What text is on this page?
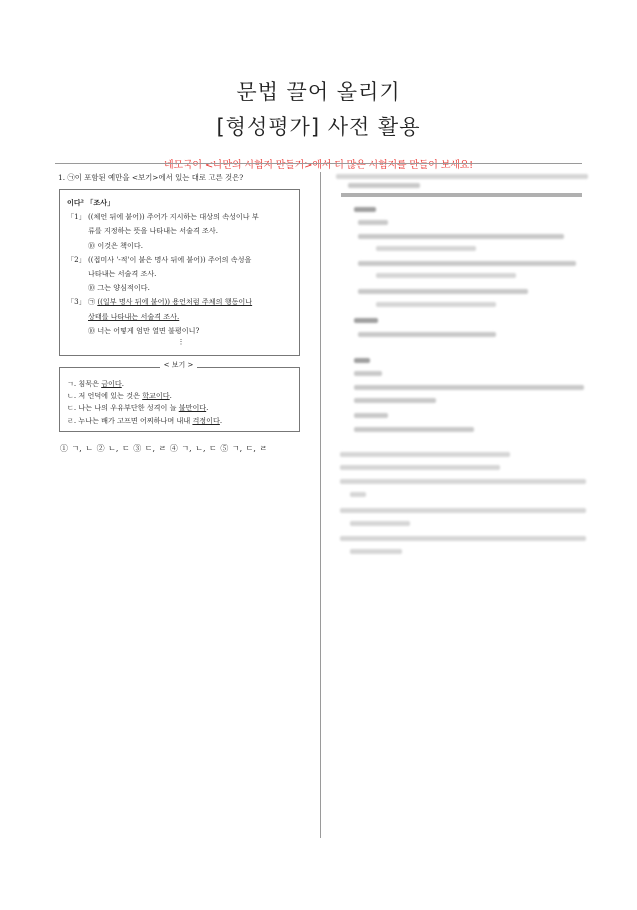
문법 끌어 올리기
[형성평가] 사전 활용
네모국어 <나만의 시험지 만들기>에서 더 많은 시험지를 만들어 보세요!
1. ㉠이 포함된 예만을 <보기>에서 있는 대로 고른 것은?
이다² 「조사」
「1」 ((체언 뒤에 붙어)) 주어가 지시하는 대상의 속성이나 부
류를 지정하는 뜻을 나타내는 서술격 조사.
⑩ 이것은 책이다.
「2」 ((접미사 '-적'이 붙은 명사 뒤에 붙어)) 주어의 속성을
나타내는 서술격 조사.
⑩ 그는 양심적이다.
「3」 ㉠ ((일부 명사 뒤에 붙어)) 용언처럼 주체의 행동이나
상태를 나타내는 서술격 조사.
⑩ 너는 어떻게 엄만 열면 불평이니?
⋮
ㄱ. 침묵은 금이다.
ㄴ. 저 언덕에 있는 것은 학교이다.
ㄷ. 나는 나의 우유부단한 성격이 늘 불만이다.
ㄹ. 누나는 배가 고프면 어찌하나며 내내 걱정이다.
< 보기 >
① ㄱ, ㄴ ② ㄴ, ㄷ ③ ㄷ, ㄹ ④ ㄱ, ㄴ, ㄷ ⑤ ㄱ, ㄷ, ㄹ
